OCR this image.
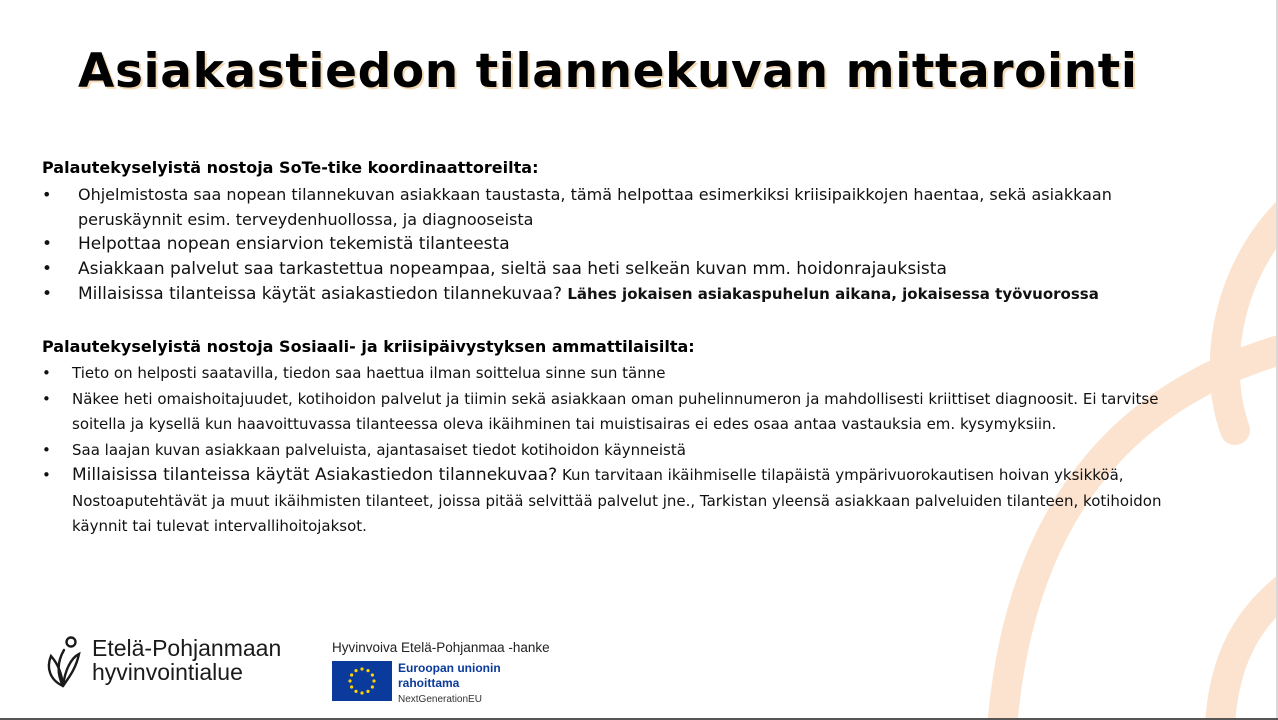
Asiakastiedon tilannekuvan mittarointi
Palautekyselyistä nostoja SoTe-tike koordinaattoreilta:
• Ohjelmistosta saa nopean tilannekuvan asiakkaan taustasta, tämä helpottaa esimerkiksi kriisipaikkojen haentaa, sekä asiakkaan peruskäynnit esim. terveydenhuollossa, ja diagnooseista
• Helpottaa nopean ensiarvion tekemistä tilanteesta
• Asiakkaan palvelut saa tarkastettua nopeampaa, sieltä saa heti selkeän kuvan mm. hoidonrajauksista
• Millaisissa tilanteissa käytät asiakastiedon tilannekuvaa? Lähes jokaisen asiakaspuhelun aikana, jokaisessa työvuorossa
Palautekyselyistä nostoja Sosiaali- ja kriisipäivystyksen ammattilaisilta:
• Tieto on helposti saatavilla, tiedon saa haettua ilman soittelua sinne sun tänne
• Näkee heti omaishoitajuudet, kotihoidon palvelut ja tiimin sekä asiakkaan oman puhelinnumeron ja mahdollisesti kriittiset diagnoosit. Ei tarvitse soitella ja kysellä kun haavoittuvassa tilanteessa oleva ikäihminen tai muistisairas ei edes osaa antaa vastauksia em. kysymyksiin.
• Saa laajan kuvan asiakkaan palveluista, ajantasaiset tiedot kotihoidon käynneistä
• Millaisissa tilanteissa käytät Asiakastiedon tilannekuvaa? Kun tarvitaan ikäihmiselle tilapäistä ympärivuorokautisen hoivan yksikköä, Nostoaputehtävät ja muut ikäihmisten tilanteet, joissa pitää selvittää palvelut jne., Tarkistan yleensä asiakkaan palveluiden tilanteen, kotihoidon käynnit tai tulevat intervallihoitojaksot.
Etelä-Pohjanmaan
hyvinvointialue
Hyvinvoiva Etelä-Pohjanmaa -hanke
Euroopan unionin
rahoittama
NextGenerationEU
